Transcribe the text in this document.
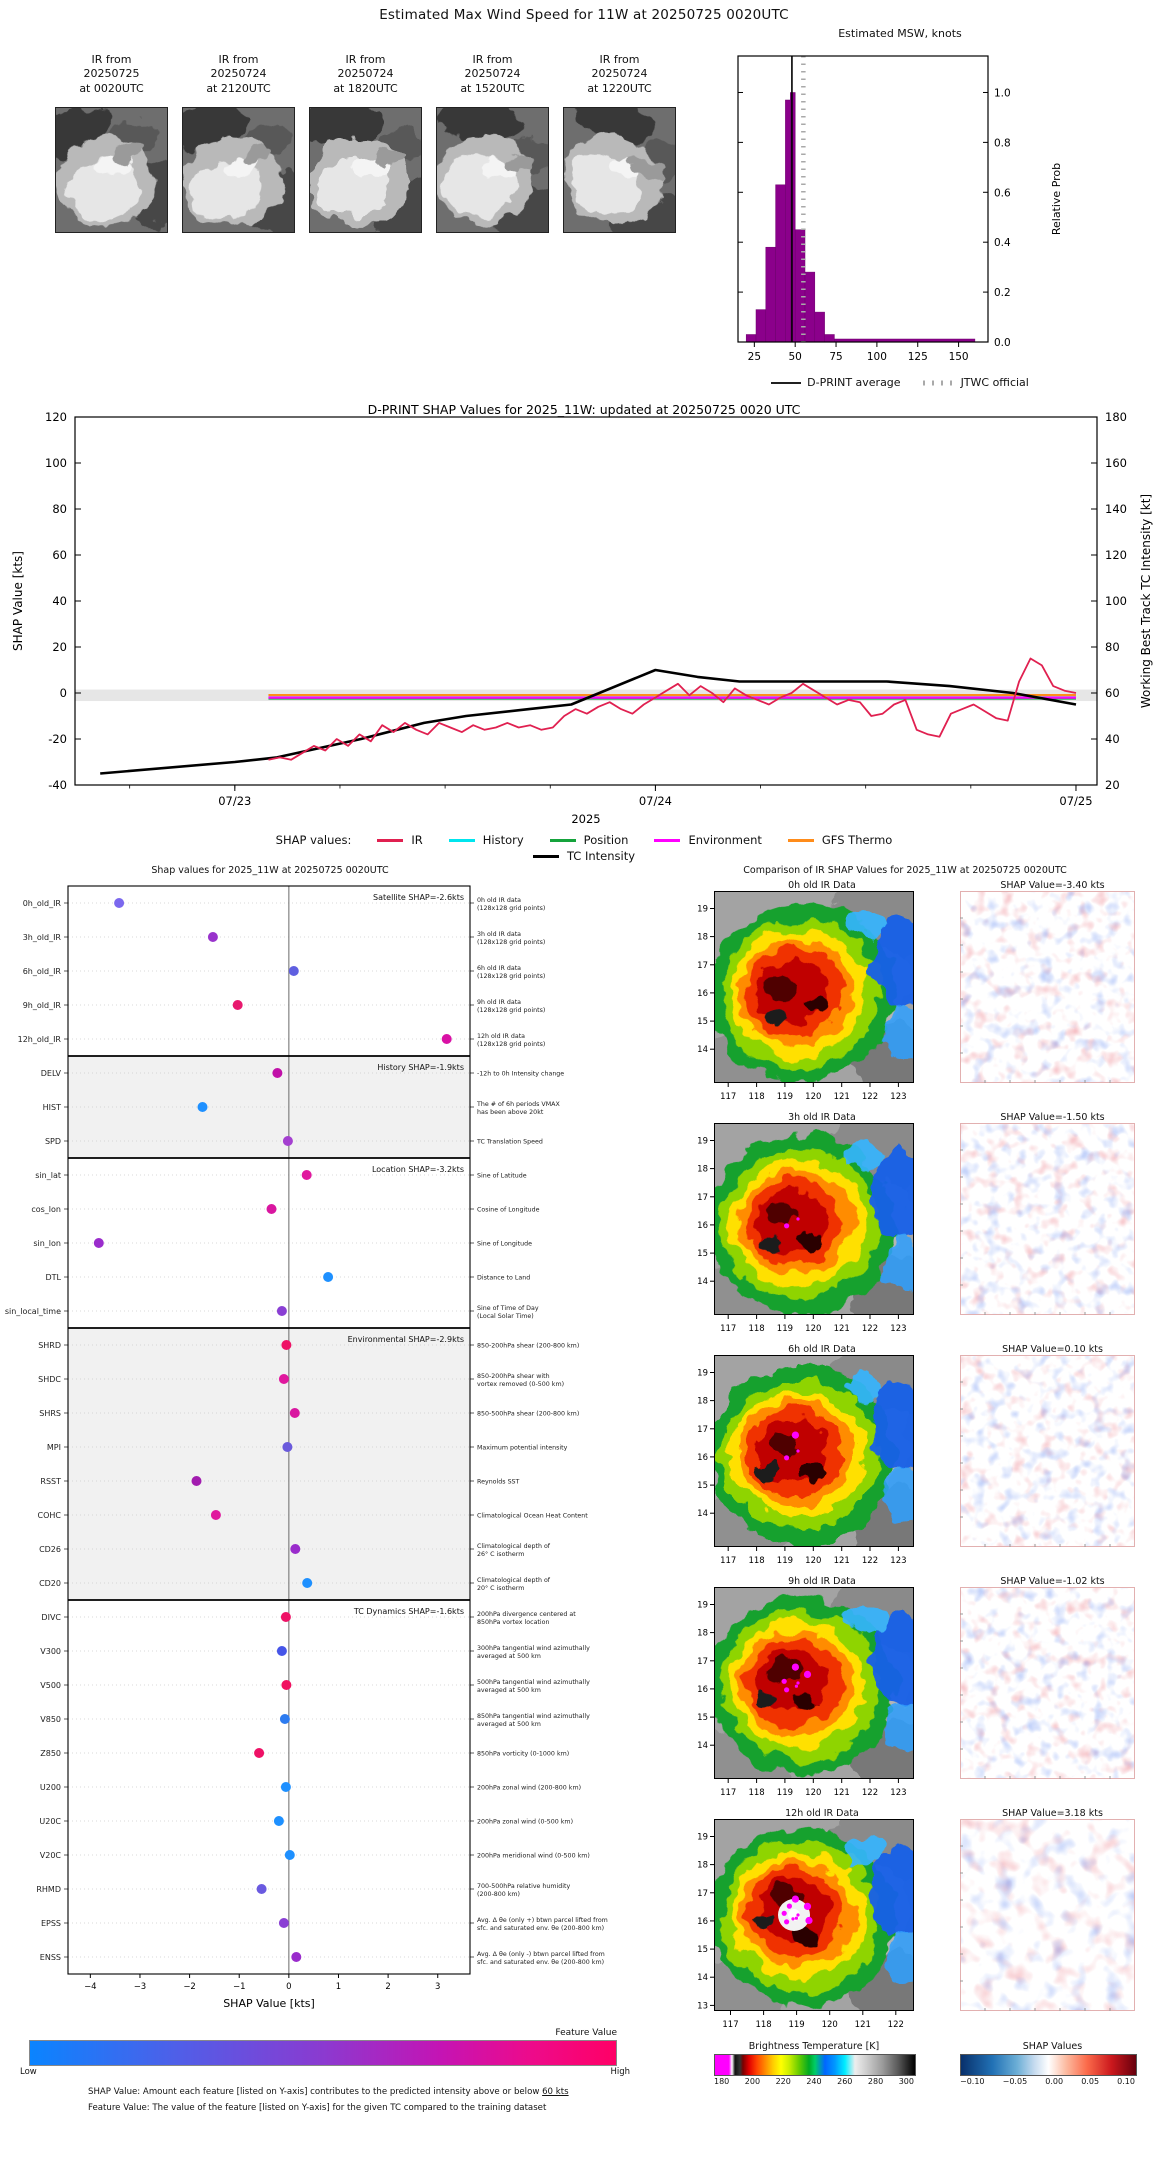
Estimated Max Wind Speed for 11W at 20250725 0020UTC
IR from
20250725
at 0020UTC
IR from
20250724
at 2120UTC
IR from
20250724
at 1820UTC
IR from
20250724
at 1520UTC
IR from
20250724
at 1220UTC
Estimated MSW, knots
25	50	75 100 125 150
0.0
0.2
0.4
0.6
0.8
1.0
Relative Prob
D-PRINT average	JTWC official
D-PRINT SHAP Values for 2025_11W: updated at 20250725 0020 UTC
-40
-20
0
20
40
60
80
100
120
20
40
60
80
100
120
140
160
180
07/23	07/24	07/25
2025
SHAP Value [kts]	Working Best Track TC Intensity [kt]
SHAP values:	IR	History	Position	Environment	GFS Thermo
TC Intensity
Shap values for 2025_11W at 20250725 0020UTC
0h_old_IR	0h old IR data (128x128 grid points)
3h_old_IR	3h old IR data (128x128 grid points)
6h_old_IR	6h old IR data (128x128 grid points)
9h_old_IR	9h old IR data (128x128 grid points)
12h_old_IR	12h old IR data (128x128 grid points)
DELV	-12h to 0h Intensity change
HIST	The # of 6h periods VMAX has been above 20kt
SPD	TC Translation Speed
sin_lat	Sine of Latitude
cos_lon	Cosine of Longitude
sin_lon	Sine of Longitude
DTL	Distance to Land
sin_local_time	Sine of Time of Day (Local Solar Time)
SHRD	850-200hPa shear (200-800 km)
SHDC	850-200hPa shear with vortex removed (0-500 km)
SHRS	850-500hPa shear (200-800 km)
MPI	Maximum potential intensity
RSST	Reynolds SST
COHC	Climatological Ocean Heat Content
CD26	Climatological depth of 26° C isotherm
CD20	Climatological depth of 20° C isotherm
DIVC	200hPa divergence centered at 850hPa vortex location
V300	300hPa tangential wind azimuthally averaged at 500 km
V500	500hPa tangential wind azimuthally averaged at 500 km
V850	850hPa tangential wind azimuthally averaged at 500 km
Z850	850hPa vorticity (0-1000 km)
U200	200hPa zonal wind (200-800 km)
U20C	200hPa zonal wind (0-500 km)
V20C	200hPa meridional wind (0-500 km)
RHMD	700-500hPa relative humidity (200-800 km)
EPSS	Avg. Δ θe (only +) btwn parcel lifted from sfc. and saturated env. θe (200-800 km)
ENSS	Avg. Δ θe (only -) btwn parcel lifted from sfc. and saturated env. θe (200-800 km)
Satellite SHAP=-2.6kts
History SHAP=-1.9kts
Location SHAP=-3.2kts
Environmental SHAP=-2.9kts
TC Dynamics SHAP=-1.6kts
−4	−3	−2	−1	0	1	2	3
SHAP Value [kts]
Feature Value
Low	High
SHAP Value: Amount each feature [listed on Y-axis] contributes to the predicted intensity above or below 60 kts
Feature Value: The value of the feature [listed on Y-axis] for the given TC compared to the training dataset
Comparison of IR SHAP Values for 2025_11W at 20250725 0020UTC
0h old IR Data
19
18
17
16
15
14
117 118 119 120 121 122 123
SHAP Value=-3.40 kts
3h old IR Data
19
18
17
16
15
14
117 118 119 120 121 122 123
SHAP Value=-1.50 kts
6h old IR Data
19
18
17
16
15
14
117 118 119 120 121 122 123
SHAP Value=0.10 kts
9h old IR Data
19
18
17
16
15
14
117 118 119 120 121 122 123
SHAP Value=-1.02 kts
12h old IR Data
19
18
17
16
15
14
13
117 118 119 120 121 122
SHAP Value=3.18 kts
Brightness Temperature [K]
180 200 220 240 260 280 300
SHAP Values
−0.10 −0.05 0.00 0.05 0.10
